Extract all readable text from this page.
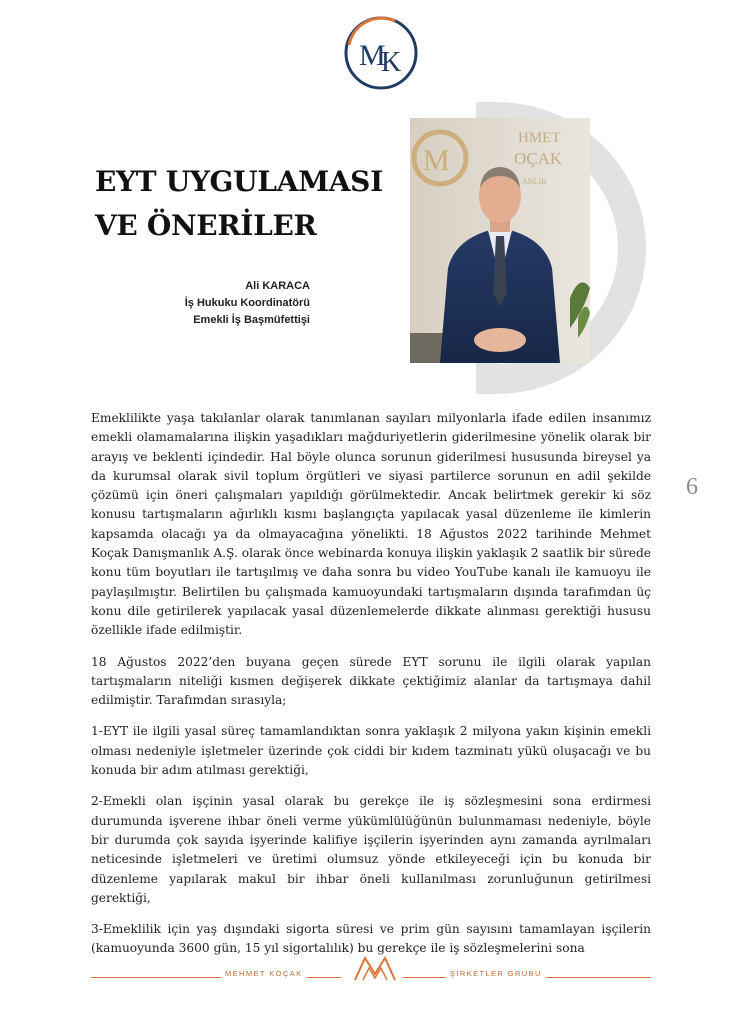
M
K
EYT UYGULAMASI VE ÖNERİLER
Ali KARACA
İş Hukuku Koordinatörü
Emekli İş Başmüfettişi
HMET
OÇAK
ANLIK
M
6

Emeklilikte yaşa takılanlar olarak tanımlanan sayıları milyonlarla ifade edilen insanımız emekli olamamalarına ilişkin yaşadıkları mağduriyetlerin giderilmesine yönelik olarak bir arayış ve beklenti içindedir. Hal böyle olunca sorunun giderilmesi hususunda bireysel ya da kurumsal olarak sivil toplum örgütleri ve siyasi partilerce sorunun en adil şekilde çözümü için öneri çalışmaları yapıldığı görülmektedir. Ancak belirtmek gerekir ki söz konusu tartışmaların ağırlıklı kısmı başlangıçta yapılacak yasal düzenleme ile kimlerin kapsamda olacağı ya da olmayacağına yönelikti. 18 Ağustos 2022 tarihinde Mehmet Koçak Danışmanlık A.Ş. olarak önce webinarda konuya ilişkin yaklaşık 2 saatlik bir sürede konu tüm boyutları ile tartışılmış ve daha sonra bu video YouTube kanalı ile kamuoyu ile paylaşılmıştır. Belirtilen bu çalışmada kamuoyundaki tartışmaların dışında tarafımdan üç konu dile getirilerek yapılacak yasal düzenlemelerde dikkate alınması gerektiği hususu özellikle ifade edilmiştir.

18 Ağustos 2022’den buyana geçen sürede EYT sorunu ile ilgili olarak yapılan tartışmaların niteliği kısmen değişerek dikkate çektiğimiz alanlar da tartışmaya dahil edilmiştir. Tarafımdan sırasıyla;

1-EYT ile ilgili yasal süreç tamamlandıktan sonra yaklaşık 2 milyona yakın kişinin emekli olması nedeniyle işletmeler üzerinde çok ciddi bir kıdem tazminatı yükü oluşacağı ve bu konuda bir adım atılması gerektiği,

2-Emekli olan işçinin yasal olarak bu gerekçe ile iş sözleşmesini sona erdirmesi durumunda işverene ihbar öneli verme yükümlülüğünün bulunmaması nedeniyle, böyle bir durumda çok sayıda işyerinde kalifiye işçilerin işyerinden aynı zamanda ayrılmaları neticesinde işletmeleri ve üretimi olumsuz yönde etkileyeceği için bu konuda bir düzenleme yapılarak makul bir ihbar öneli kullanılması zorunluğunun getirilmesi gerektiği,

3-Emeklilik için yaş dışındaki sigorta süresi ve prim gün sayısını tamamlayan işçilerin (kamuoyunda 3600 gün, 15 yıl sigortalılık) bu gerekçe ile iş sözleşmelerini sona

MEHMET KOÇAK	ŞİRKETLER GRUBU
